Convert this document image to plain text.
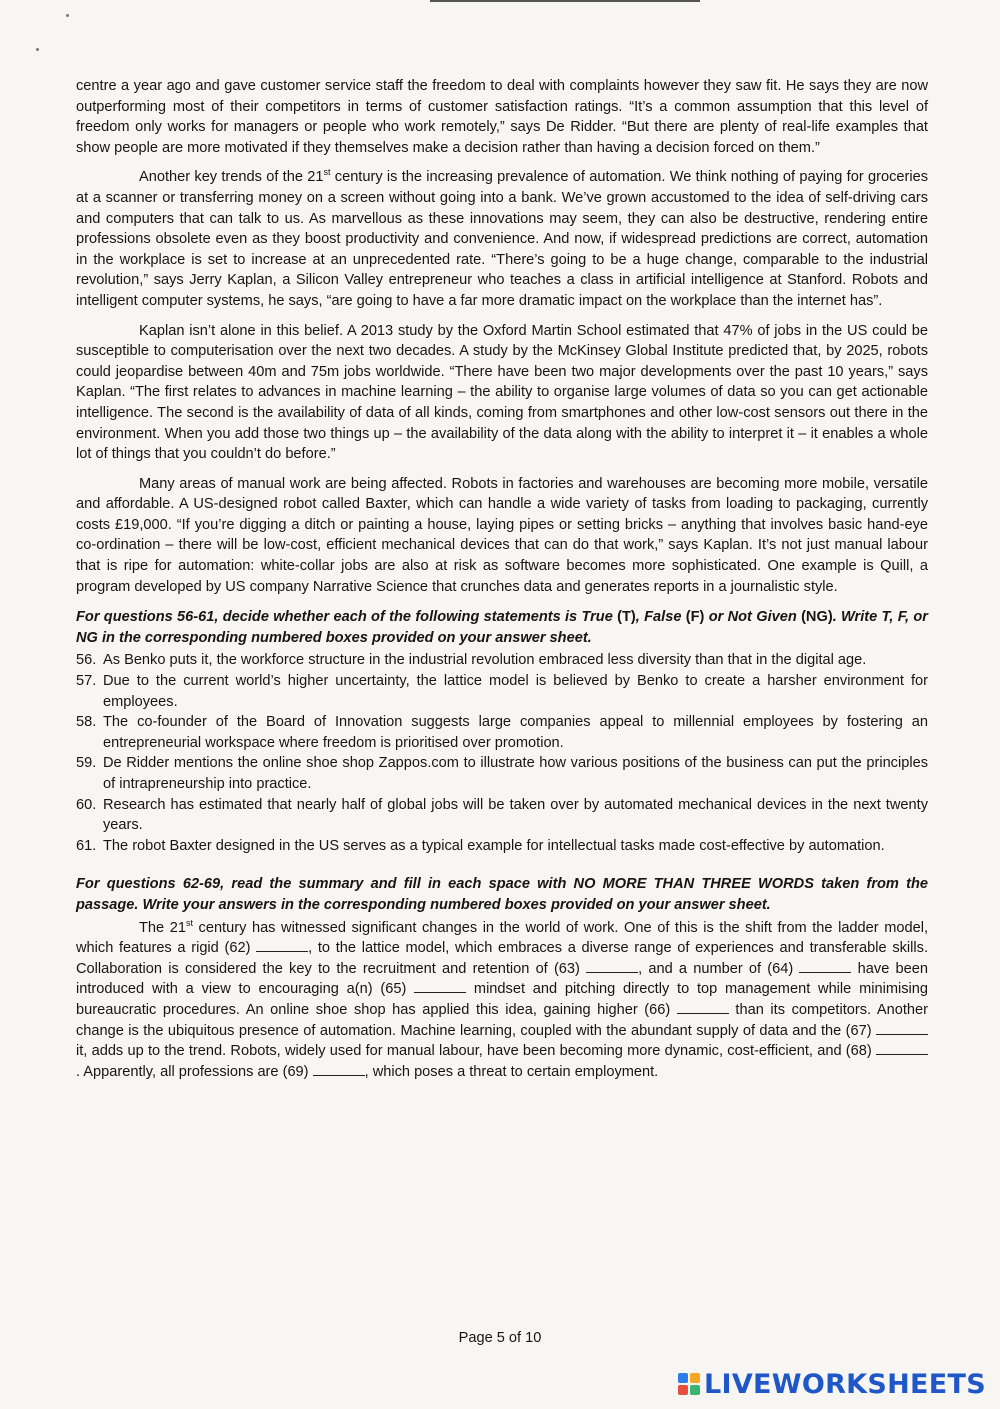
centre a year ago and gave customer service staff the freedom to deal with complaints however they saw fit. He says they are now outperforming most of their competitors in terms of customer satisfaction ratings. “It’s a common assumption that this level of freedom only works for managers or people who work remotely,” says De Ridder. “But there are plenty of real-life examples that show people are more motivated if they themselves make a decision rather than having a decision forced on them.”

Another key trends of the 21st century is the increasing prevalence of automation. We think nothing of paying for groceries at a scanner or transferring money on a screen without going into a bank. We’ve grown accustomed to the idea of self-driving cars and computers that can talk to us. As marvellous as these innovations may seem, they can also be destructive, rendering entire professions obsolete even as they boost productivity and convenience. And now, if widespread predictions are correct, automation in the workplace is set to increase at an unprecedented rate. “There’s going to be a huge change, comparable to the industrial revolution,” says Jerry Kaplan, a Silicon Valley entrepreneur who teaches a class in artificial intelligence at Stanford. Robots and intelligent computer systems, he says, “are going to have a far more dramatic impact on the workplace than the internet has”.

Kaplan isn’t alone in this belief. A 2013 study by the Oxford Martin School estimated that 47% of jobs in the US could be susceptible to computerisation over the next two decades. A study by the McKinsey Global Institute predicted that, by 2025, robots could jeopardise between 40m and 75m jobs worldwide. “There have been two major developments over the past 10 years,” says Kaplan. “The first relates to advances in machine learning – the ability to organise large volumes of data so you can get actionable intelligence. The second is the availability of data of all kinds, coming from smartphones and other low-cost sensors out there in the environment. When you add those two things up – the availability of the data along with the ability to interpret it – it enables a whole lot of things that you couldn’t do before.”

Many areas of manual work are being affected. Robots in factories and warehouses are becoming more mobile, versatile and affordable. A US-designed robot called Baxter, which can handle a wide variety of tasks from loading to packaging, currently costs £19,000. “If you’re digging a ditch or painting a house, laying pipes or setting bricks – anything that involves basic hand-eye co-ordination – there will be low-cost, efficient mechanical devices that can do that work,” says Kaplan. It’s not just manual labour that is ripe for automation: white-collar jobs are also at risk as software becomes more sophisticated. One example is Quill, a program developed by US company Narrative Science that crunches data and generates reports in a journalistic style.

For questions 56-61, decide whether each of the following statements is True (T), False (F) or Not Given (NG). Write T, F, or NG in the corresponding numbered boxes provided on your answer sheet.

56. As Benko puts it, the workforce structure in the industrial revolution embraced less diversity than that in the digital age.
57. Due to the current world’s higher uncertainty, the lattice model is believed by Benko to create a harsher environment for employees.
58. The co-founder of the Board of Innovation suggests large companies appeal to millennial employees by fostering an entrepreneurial workspace where freedom is prioritised over promotion.
59. De Ridder mentions the online shoe shop Zappos.com to illustrate how various positions of the business can put the principles of intrapreneurship into practice.
60. Research has estimated that nearly half of global jobs will be taken over by automated mechanical devices in the next twenty years.
61. The robot Baxter designed in the US serves as a typical example for intellectual tasks made cost-effective by automation.

For questions 62-69, read the summary and fill in each space with NO MORE THAN THREE WORDS taken from the passage. Write your answers in the corresponding numbered boxes provided on your answer sheet.

The 21st century has witnessed significant changes in the world of work. One of this is the shift from the ladder model, which features a rigid (62)	, to the lattice model, which embraces a diverse range of experiences and transferable skills. Collaboration is considered the key to the recruitment and retention of (63)	, and a number of (64)	have been introduced with a view to encouraging a(n) (65)	mindset and pitching directly to top management while minimising bureaucratic procedures. An online shoe shop has applied this idea, gaining higher (66)	than its competitors. Another change is the ubiquitous presence of automation. Machine learning, coupled with the abundant supply of data and the (67)  it, adds up to the trend. Robots, widely used for manual labour, have been becoming more dynamic, cost-efficient, and (68) . Apparently, all professions are (69)	, which poses a threat to certain employment.

Page 5 of 10
LIVEWORKSHEETS
